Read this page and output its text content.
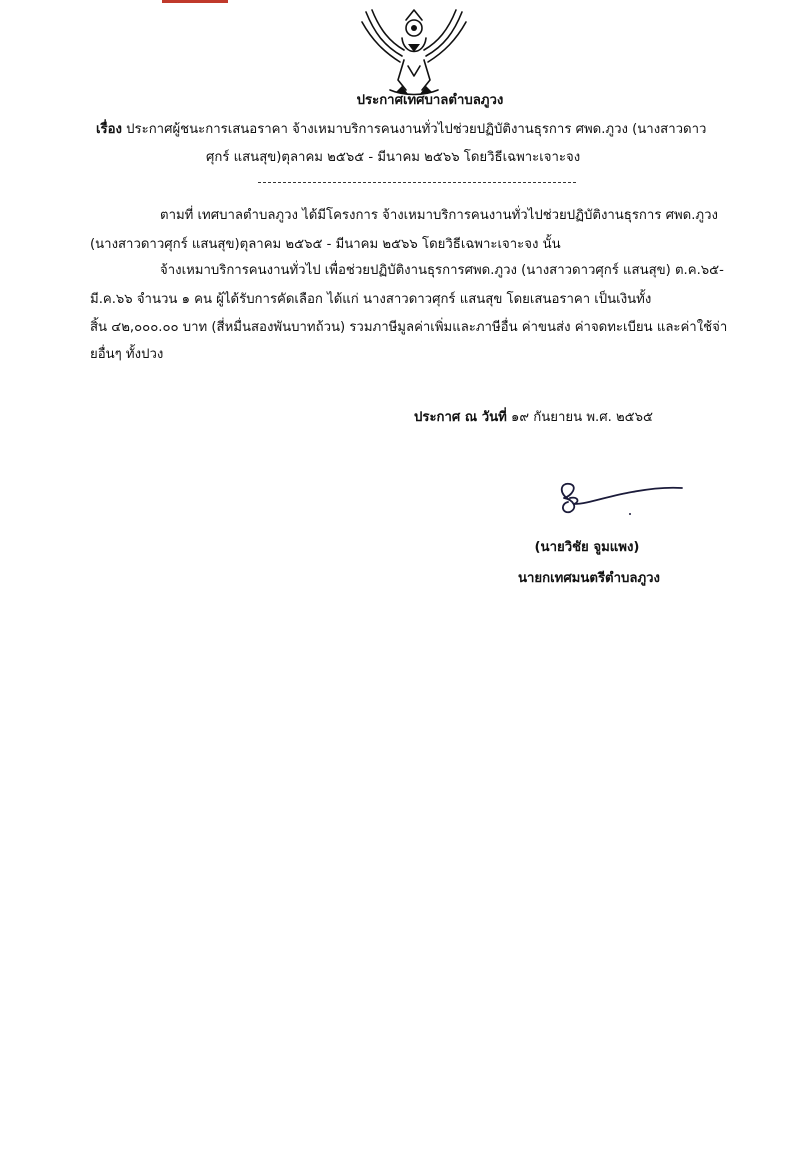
ประกาศเทศบาลตำบลภูวง
เรื่อง ประกาศผู้ชนะการเสนอราคา จ้างเหมาบริการคนงานทั่วไปช่วยปฏิบัติงานธุรการ ศพด.ภูวง (นางสาวดาว
ศุกร์ แสนสุข)ตุลาคม ๒๕๖๕ - มีนาคม ๒๕๖๖ โดยวิธีเฉพาะเจาะจง
ตามที่ เทศบาลตำบลภูวง ได้มีโครงการ จ้างเหมาบริการคนงานทั่วไปช่วยปฏิบัติงานธุรการ ศพด.ภูวง
(นางสาวดาวศุกร์ แสนสุข)ตุลาคม ๒๕๖๕ - มีนาคม ๒๕๖๖ โดยวิธีเฉพาะเจาะจง นั้น
จ้างเหมาบริการคนงานทั่วไป เพื่อช่วยปฏิบัติงานธุรการศพด.ภูวง (นางสาวดาวศุกร์ แสนสุข) ต.ค.๖๕-
มี.ค.๖๖ จำนวน ๑ คน ผู้ได้รับการคัดเลือก ได้แก่ นางสาวดาวศุกร์ แสนสุข โดยเสนอราคา เป็นเงินทั้ง
สิ้น ๔๒,๐๐๐.๐๐ บาท (สี่หมื่นสองพันบาทถ้วน) รวมภาษีมูลค่าเพิ่มและภาษีอื่น ค่าขนส่ง ค่าจดทะเบียน และค่าใช้จ่า
ยอื่นๆ ทั้งปวง
ประกาศ ณ วันที่ ๑๙ กันยายน พ.ศ. ๒๕๖๕
(นายวิชัย จูมแพง)
นายกเทศมนตรีตำบลภูวง
